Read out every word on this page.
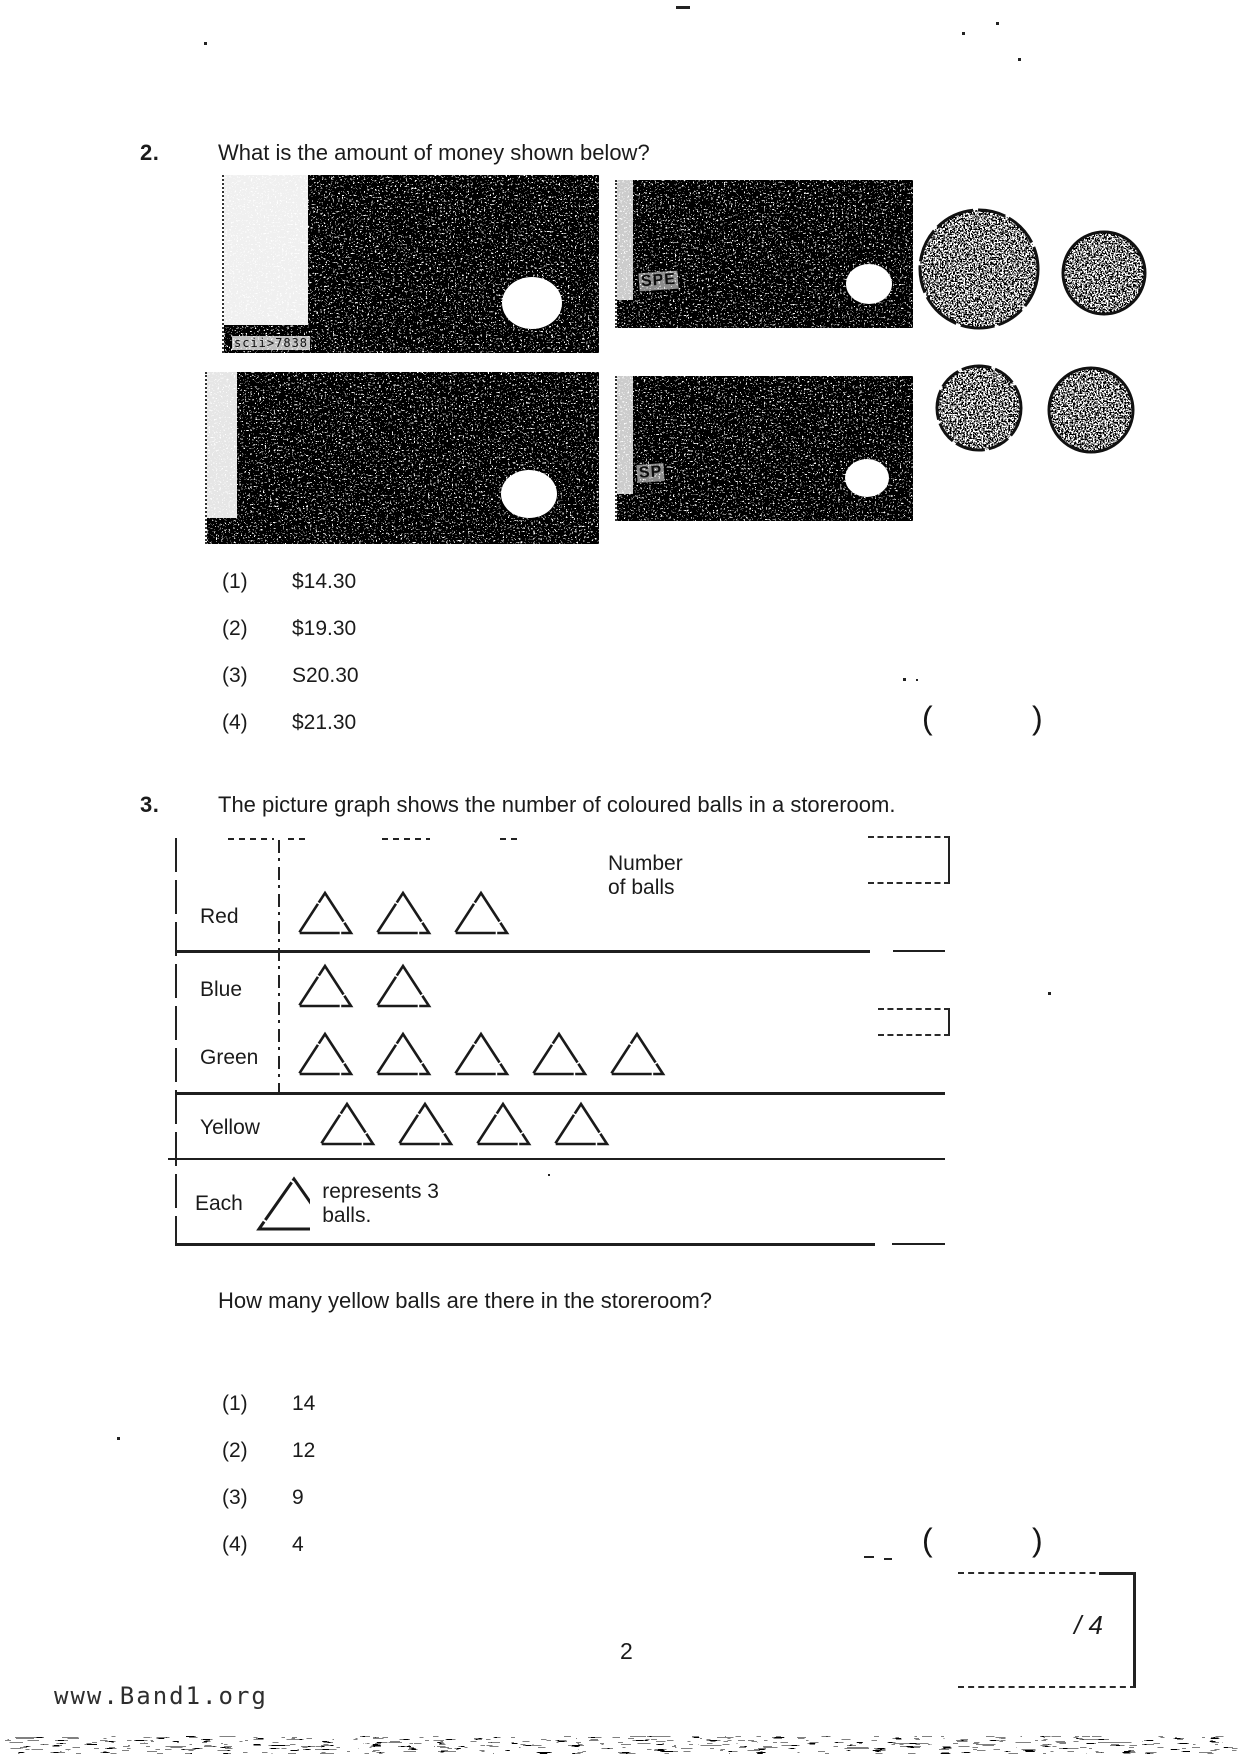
2.	What is the amount of money shown below?
scii>7838
SPE
SP
(1) $14.30
(2) $19.30
(3) S20.30
(4) $21.30	(	)
3.	The picture graph shows the number of coloured balls in a storeroom.
Number of balls
Red
Blue
Green
Yellow
Each
represents 3 balls.
How many yellow balls are there in the storeroom?
(1) 14
(2) 12
(3) 9
(4) 4	(	)
2
/ 4
www.Band1.org
